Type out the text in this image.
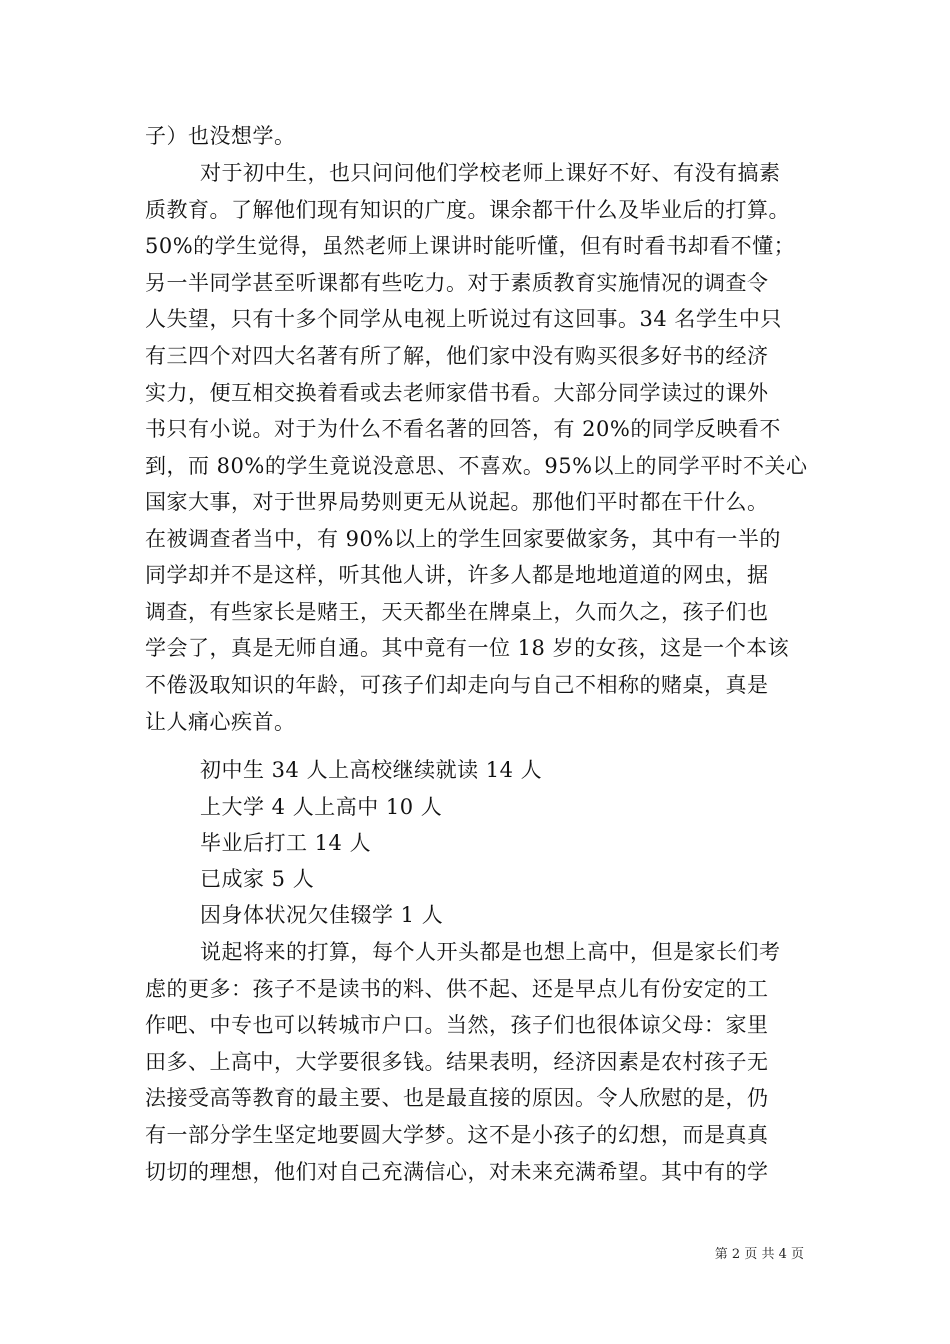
子）也没想学。
对于初中生，也只问问他们学校老师上课好不好、有没有搞素
质教育。了解他们现有知识的广度。课余都干什么及毕业后的打算。
50%的学生觉得，虽然老师上课讲时能听懂，但有时看书却看不懂；
另一半同学甚至听课都有些吃力。对于素质教育实施情况的调查令
人失望，只有十多个同学从电视上听说过有这回事。34 名学生中只
有三四个对四大名著有所了解，他们家中没有购买很多好书的经济
实力，便互相交换着看或去老师家借书看。大部分同学读过的课外
书只有小说。对于为什么不看名著的回答，有 20%的同学反映看不
到，而 80%的学生竟说没意思、不喜欢。95%以上的同学平时不关心
国家大事，对于世界局势则更无从说起。那他们平时都在干什么。
在被调查者当中，有 90%以上的学生回家要做家务，其中有一半的
同学却并不是这样，听其他人讲，许多人都是地地道道的网虫，据
调查，有些家长是赌王，天天都坐在牌桌上，久而久之，孩子们也
学会了，真是无师自通。其中竟有一位 18 岁的女孩，这是一个本该
不倦汲取知识的年龄，可孩子们却走向与自己不相称的赌桌，真是
让人痛心疾首。
初中生 34 人上高校继续就读 14 人
上大学 4 人上高中 10 人
毕业后打工 14 人
已成家 5 人
因身体状况欠佳辍学 1 人
说起将来的打算，每个人开头都是也想上高中，但是家长们考
虑的更多：孩子不是读书的料、供不起、还是早点儿有份安定的工
作吧、中专也可以转城市户口。当然，孩子们也很体谅父母：家里
田多、上高中，大学要很多钱。结果表明，经济因素是农村孩子无
法接受高等教育的最主要、也是最直接的原因。令人欣慰的是，仍
有一部分学生坚定地要圆大学梦。这不是小孩子的幻想，而是真真
切切的理想，他们对自己充满信心，对未来充满希望。其中有的学
第 2 页 共 4 页
